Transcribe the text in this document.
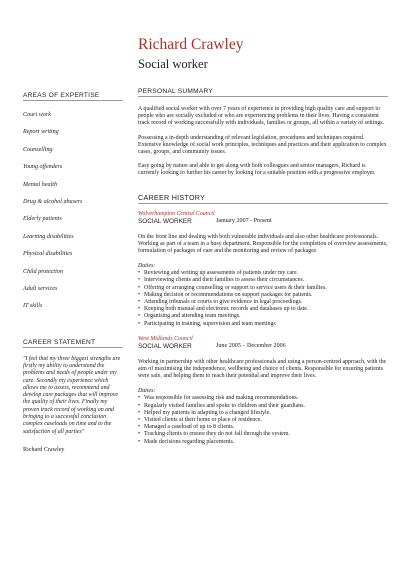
Richard Crawley
Social worker
AREAS OF EXPERTISE
Court work
Report writing
Counselling
Young offenders
Mental health
Drug & alcohol abusers
Elderly patients
Learning disabilities
Physical disabilities
Child protection
Adult services
IT skills
CAREER STATEMENT
"I feel that my three biggest strengths are firstly my ability to understand the problems and needs of people under my care. Secondly my experience which allows me to assess, recommend and develop care packages that will improve the quality of their lives. Finally my proven track record of working on and bringing to a successful conclusion complex caseloads on time and to the satisfaction of all parties"
Richard Crawley
PERSONAL SUMMARY

A qualified social worker with over 7 years of experience in providing high quality care and support to people who are socially excluded or who are experiencing problems in their lives. Having a consistent track record of working successfully with individuals, families or groups, all within a variety of settings.

Possessing a in-depth understanding of relevant legislation, procedures and techniques required. Extensive knowledge of social work principles, techniques and practices and their application to complex cases, groups, and community issues.

Easy going by nature and able to get along with both colleagues and senior managers, Richard is currently looking to further his career by looking for a suitable position with a progressive employer.

CAREER HISTORY
Wolverhampton Central Council
SOCIAL WORKER	January 2007 - Present

On the front line and dealing with both vulnerable individuals and also other healthcare professionals. Working as part of a team in a busy department. Responsible for the completion of overview assessments, formulation of packages of care and the monitoring and review of packages

Duties:
• Reviewing and writing up assessments of patients under my care.
• Interviewing clients and their families to assess their circumstances.
• Offering or arranging counselling or support to service users & their families.
• Making decision or recommendations on support packages for patients.
• Attending tribunals or courts to give evidence in legal proceedings.
• Keeping both manual and electronic records and databases up to date.
• Organising and attending team meetings.
• Participating in training, supervision and team meetings
West Midlands Council
SOCIAL WORKER	June 2005 – December 2006

Working in partnership with other healthcare professionals and using a person-centred approach, with the aim of maximising the independence, wellbeing and choice of clients. Responsible for ensuring patients were safe, and helping them to reach their potential and improve their lives.

Duties:
• Was responsible for assessing risk and making recommendations.
• Regularly visited families and spoke to children and their guardians.
• Helped my patients in adapting to a changed lifestyle.
• Visited clients at their home or place of residence.
• Managed a caseload of up to 8 clients.
• Tracking clients to ensure they do not fall through the system.
• Made decisions regarding placements.
